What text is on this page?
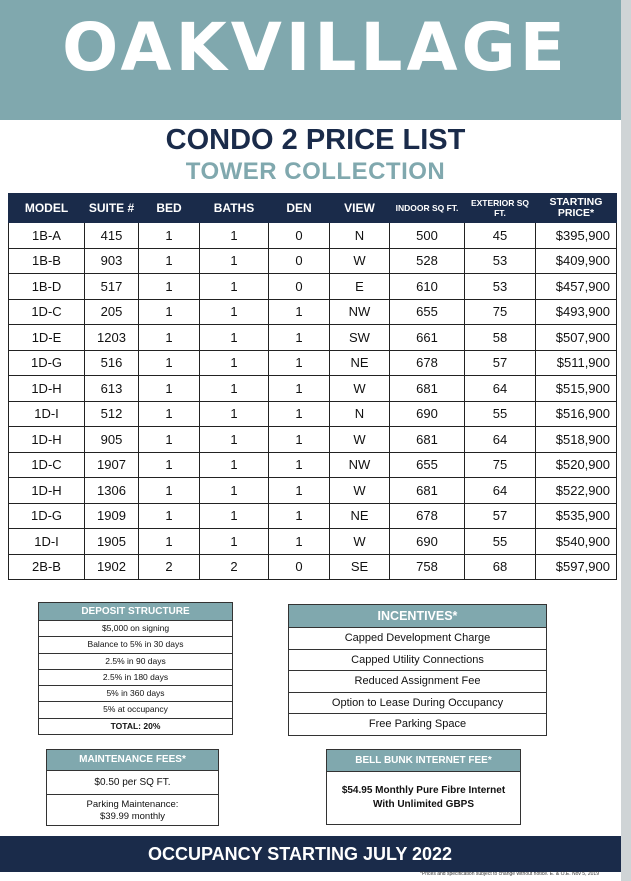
OAKVILLAGE
CONDO 2 PRICE LIST
TOWER COLLECTION
MODEL	SUITE #	BED	BATHS	DEN	VIEW	INDOOR SQ FT.	EXTERIOR SQ FT.	STARTING PRICE*
1B-A	415	1	1	0	N	500	45	$395,900
1B-B	903	1	1	0	W	528	53	$409,900
1B-D	517	1	1	0	E	610	53	$457,900
1D-C	205	1	1	1	NW	655	75	$493,900
1D-E	1203	1	1	1	SW	661	58	$507,900
1D-G	516	1	1	1	NE	678	57	$511,900
1D-H	613	1	1	1	W	681	64	$515,900
1D-I	512	1	1	1	N	690	55	$516,900
1D-H	905	1	1	1	W	681	64	$518,900
1D-C	1907	1	1	1	NW	655	75	$520,900
1D-H	1306	1	1	1	W	681	64	$522,900
1D-G	1909	1	1	1	NE	678	57	$535,900
1D-I	1905	1	1	1	W	690	55	$540,900
2B-B	1902	2	2	0	SE	758	68	$597,900
DEPOSIT STRUCTURE
$5,000 on signing
Balance to 5% in 30 days
2.5% in 90 days
2.5% in 180 days
5% in 360 days
5% at occupancy
TOTAL: 20%
INCENTIVES*
Capped Development Charge
Capped Utility Connections
Reduced Assignment Fee
Option to Lease During Occupancy
Free Parking Space
MAINTENANCE FEES*
$0.50 per SQ FT.
Parking Maintenance:
$39.99 monthly
BELL BUNK INTERNET FEE*
$54.95 Monthly Pure Fibre Internet
With Unlimited GBPS
OCCUPANCY STARTING JULY 2022
*Prices and specification subject to change without notice. E. & O.E. Nov 5, 2019
